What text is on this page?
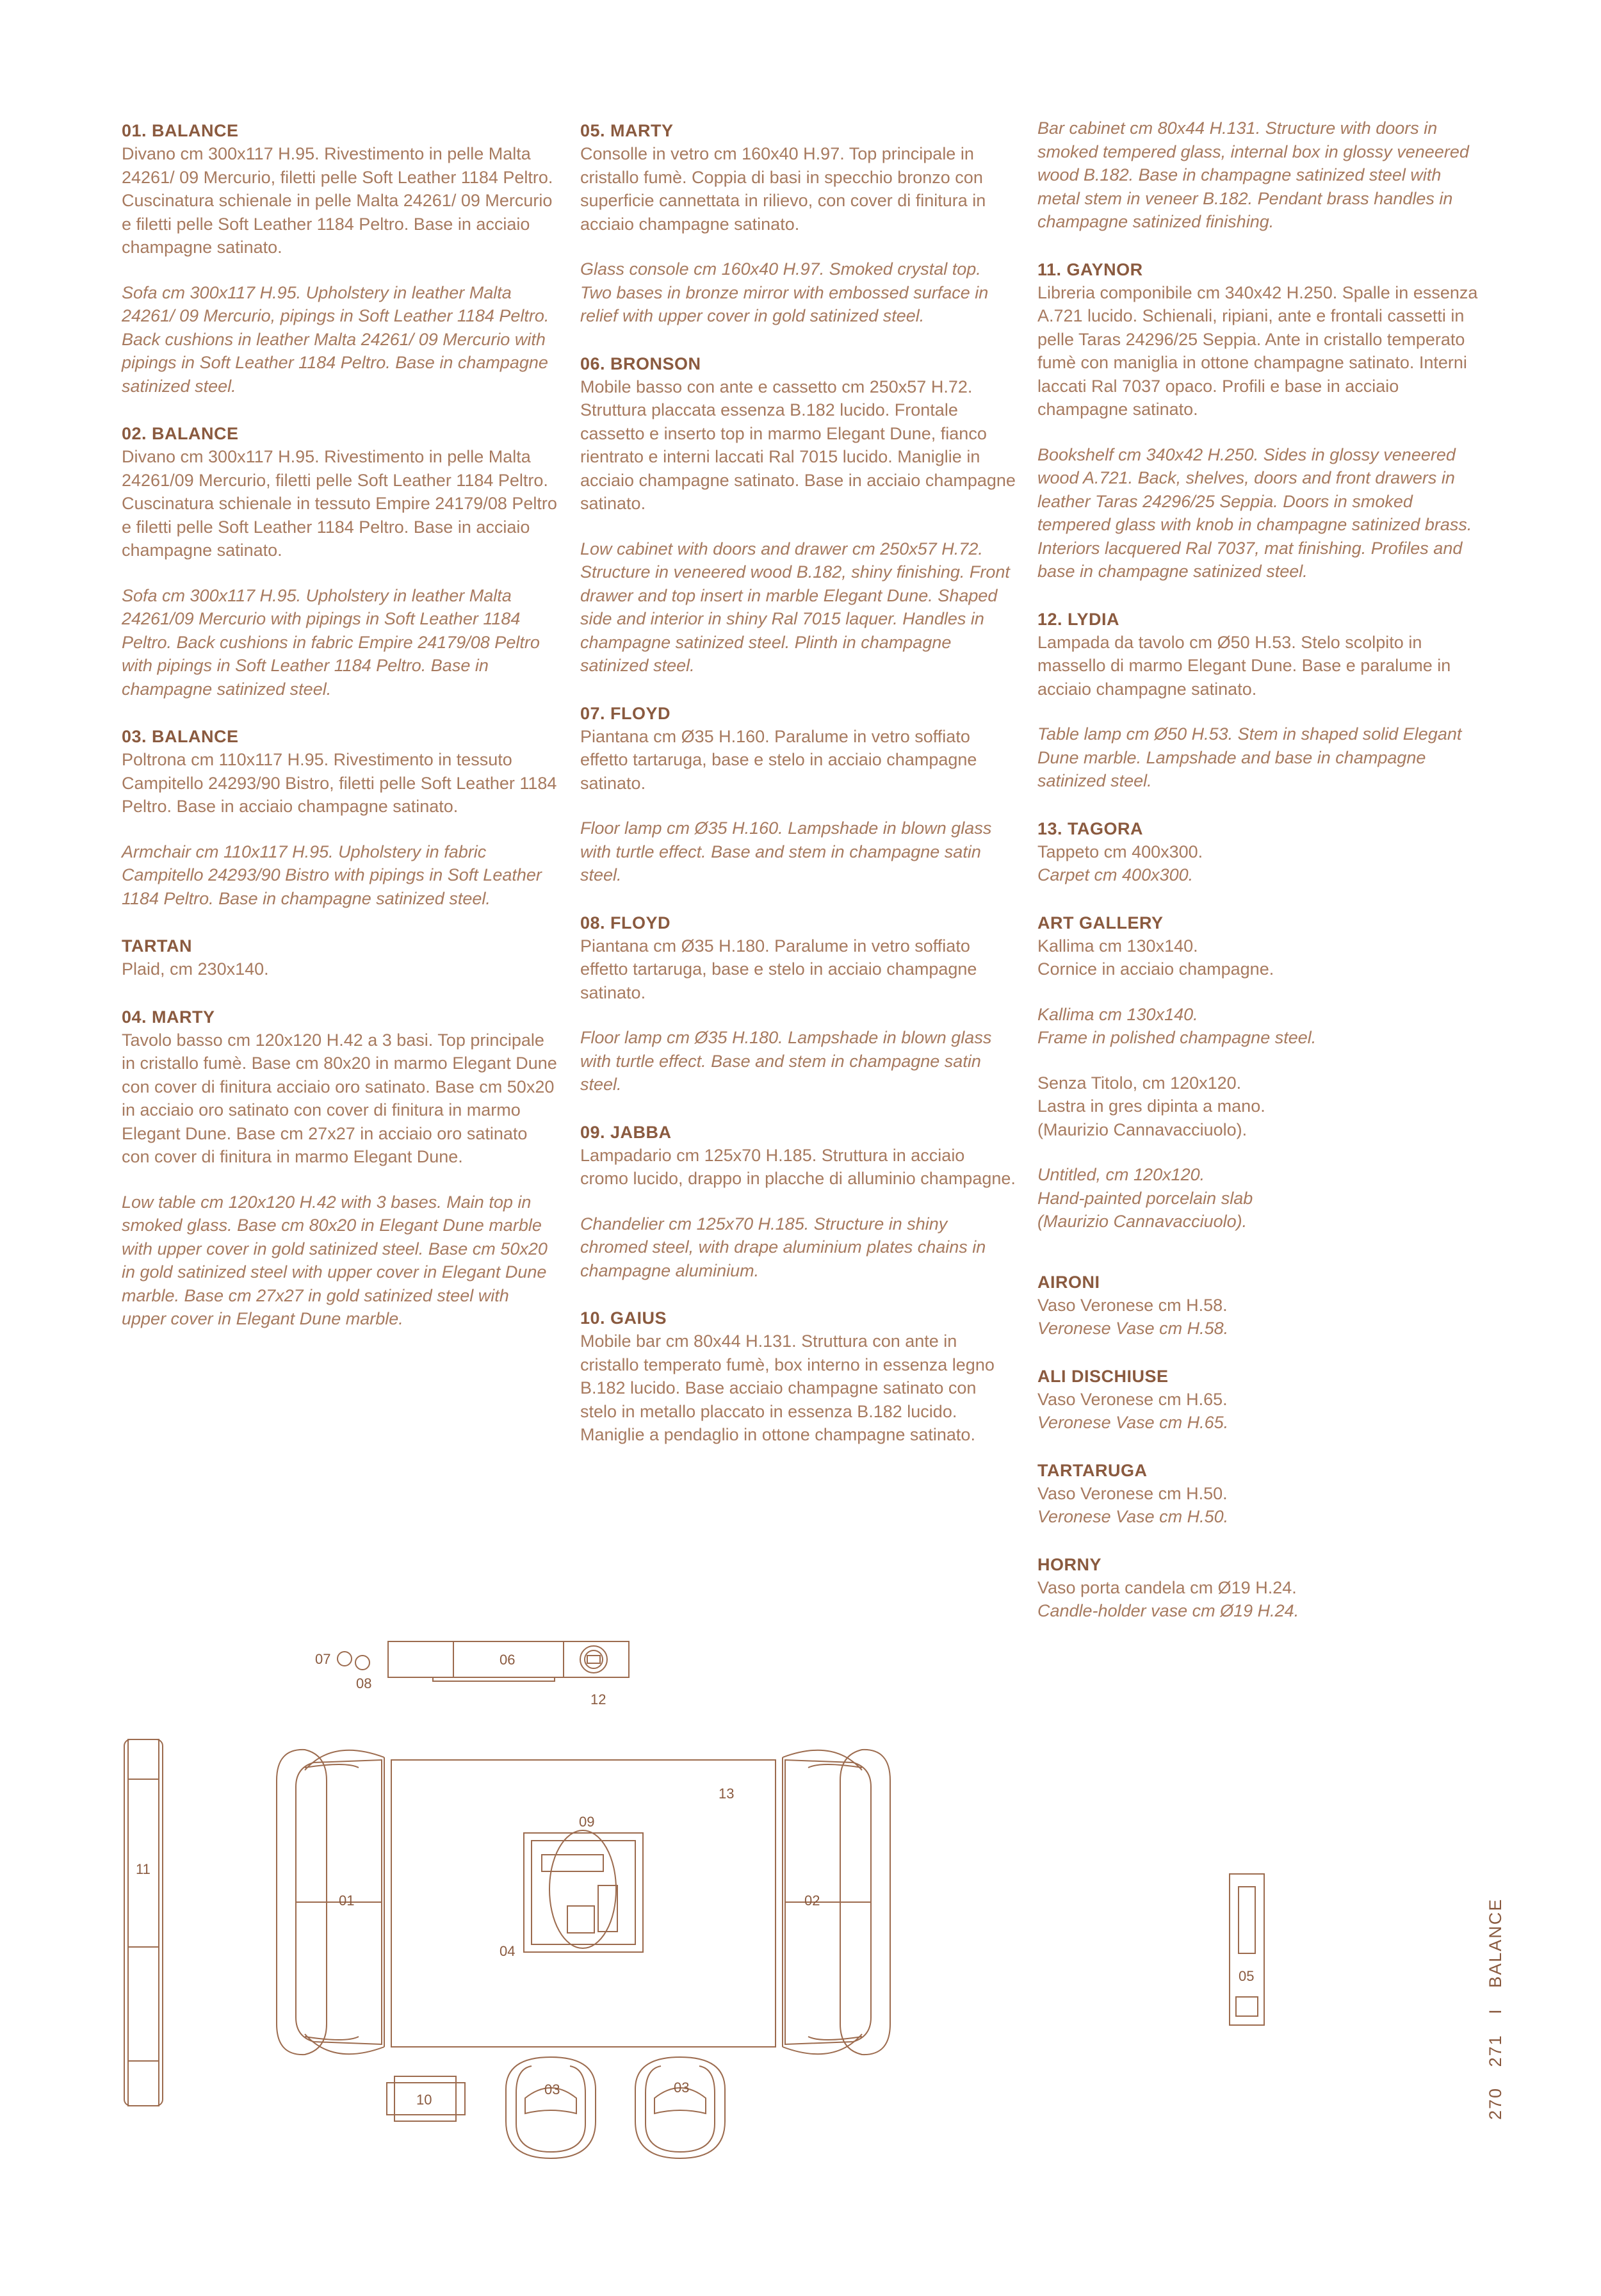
01. BALANCE

Divano cm 300x117 H.95. Rivestimento in pelle Malta 24261/ 09 Mercurio, filetti pelle Soft Leather 1184 Peltro. Cuscinatura schienale in pelle Malta 24261/ 09 Mercurio e filetti pelle Soft Leather 1184 Peltro. Base in acciaio champagne satinato.

Sofa cm 300x117 H.95. Upholstery in leather Malta 24261/ 09 Mercurio, pipings in Soft Leather 1184 Peltro. Back cushions in leather Malta 24261/ 09 Mercurio with pipings in Soft Leather 1184 Peltro. Base in champagne satinized steel.

02. BALANCE

Divano cm 300x117 H.95. Rivestimento in pelle Malta 24261/09 Mercurio, filetti pelle Soft Leather 1184 Peltro. Cuscinatura schienale in tessuto Empire 24179/08 Peltro e filetti pelle Soft Leather 1184 Peltro. Base in acciaio champagne satinato.

Sofa cm 300x117 H.95. Upholstery in leather Malta 24261/09 Mercurio with pipings in Soft Leather 1184 Peltro. Back cushions in fabric Empire 24179/08 Peltro with pipings in Soft Leather 1184 Peltro. Base in champagne satinized steel.

03. BALANCE

Poltrona cm 110x117 H.95. Rivestimento in tessuto Campitello 24293/90 Bistro, filetti pelle Soft Leather 1184 Peltro. Base in acciaio champagne satinato.

Armchair cm 110x117 H.95. Upholstery in fabric Campitello 24293/90 Bistro with pipings in Soft Leather 1184 Peltro. Base in champagne satinized steel.

TARTAN

Plaid, cm 230x140.

04. MARTY

Tavolo basso cm 120x120 H.42 a 3 basi. Top principale in cristallo fumè. Base cm 80x20 in marmo Elegant Dune con cover di finitura acciaio oro satinato. Base cm 50x20 in acciaio oro satinato con cover di finitura in marmo Elegant Dune. Base cm 27x27 in acciaio oro satinato con cover di finitura in marmo Elegant Dune.

Low table cm 120x120 H.42 with 3 bases. Main top in smoked glass. Base cm 80x20 in Elegant Dune marble with upper cover in gold satinized steel. Base cm 50x20 in gold satinized steel with upper cover in Elegant Dune marble. Base cm 27x27 in gold satinized steel with upper cover in Elegant Dune marble.

05. MARTY

Consolle in vetro cm 160x40 H.97. Top principale in cristallo fumè. Coppia di basi in specchio bronzo con superficie cannettata in rilievo, con cover di finitura in acciaio champagne satinato.

Glass console cm 160x40 H.97. Smoked crystal top. Two bases in bronze mirror with embossed surface in relief with upper cover in gold satinized steel.

06. BRONSON

Mobile basso con ante e cassetto cm 250x57 H.72. Struttura placcata essenza B.182 lucido. Frontale cassetto e inserto top in marmo Elegant Dune, fianco rientrato e interni laccati Ral 7015 lucido. Maniglie in acciaio champagne satinato. Base in acciaio champagne satinato.

Low cabinet with doors and drawer cm 250x57 H.72. Structure in veneered wood B.182, shiny finishing. Front drawer and top insert in marble Elegant Dune. Shaped side and interior in shiny Ral 7015 laquer. Handles in champagne satinized steel. Plinth in champagne satinized steel.

07. FLOYD

Piantana cm Ø35 H.160. Paralume in vetro soffiato effetto tartaruga, base e stelo in acciaio champagne satinato.

Floor lamp cm Ø35 H.160. Lampshade in blown glass with turtle effect. Base and stem in champagne satin steel.

08. FLOYD

Piantana cm Ø35 H.180. Paralume in vetro soffiato effetto tartaruga, base e stelo in acciaio champagne satinato.

Floor lamp cm Ø35 H.180. Lampshade in blown glass with turtle effect. Base and stem in champagne satin steel.

09. JABBA

Lampadario cm 125x70 H.185. Struttura in acciaio cromo lucido, drappo in placche di alluminio champagne.

Chandelier cm 125x70 H.185. Structure in shiny chromed steel, with drape aluminium plates chains in champagne aluminium.

10. GAIUS

Mobile bar cm 80x44 H.131. Struttura con ante in cristallo temperato fumè, box interno in essenza legno B.182 lucido. Base acciaio champagne satinato con stelo in metallo placcato in essenza B.182 lucido. Maniglie a pendaglio in ottone champagne satinato.

Bar cabinet cm 80x44 H.131. Structure with doors in smoked tempered glass, internal box in glossy veneered wood B.182. Base in champagne satinized steel with metal stem in veneer B.182. Pendant brass handles in champagne satinized finishing.

11. GAYNOR

Libreria componibile cm 340x42 H.250. Spalle in essenza A.721 lucido. Schienali, ripiani, ante e frontali cassetti in pelle Taras 24296/25 Seppia. Ante in cristallo temperato fumè con maniglia in ottone champagne satinato. Interni laccati Ral 7037 opaco. Profili e base in acciaio champagne satinato.

Bookshelf cm 340x42 H.250. Sides in glossy veneered wood A.721. Back, shelves, doors and front drawers in leather Taras 24296/25 Seppia. Doors in smoked tempered glass with knob in champagne satinized brass. Interiors lacquered Ral 7037, mat finishing. Profiles and base in champagne satinized steel.

12. LYDIA

Lampada da tavolo cm Ø50 H.53. Stelo scolpito in massello di marmo Elegant Dune. Base e paralume in acciaio champagne satinato.

Table lamp cm Ø50 H.53. Stem in shaped solid Elegant Dune marble. Lampshade and base in champagne satinized steel.

13. TAGORA

Tappeto cm 400x300.

Carpet cm 400x300.

ART GALLERY

Kallima cm 130x140.
Cornice in acciaio champagne.

Kallima cm 130x140.
Frame in polished champagne steel.

Senza Titolo, cm 120x120.
Lastra in gres dipinta a mano.
(Maurizio Cannavacciuolo).

Untitled, cm 120x120.
Hand-painted porcelain slab
(Maurizio Cannavacciuolo).

AIRONI

Vaso Veronese cm H.58.

Veronese Vase cm H.58.

ALI DISCHIUSE

Vaso Veronese cm H.65.

Veronese Vase cm H.65.

TARTARUGA

Vaso Veronese cm H.50.

Veronese Vase cm H.50.

HORNY

Vaso porta candela cm Ø19 H.24.

Candle-holder vase cm Ø19 H.24.

07
08
06
12
13
09
11
01	02
04
05
03	03
10	270 271 I BALANCE
